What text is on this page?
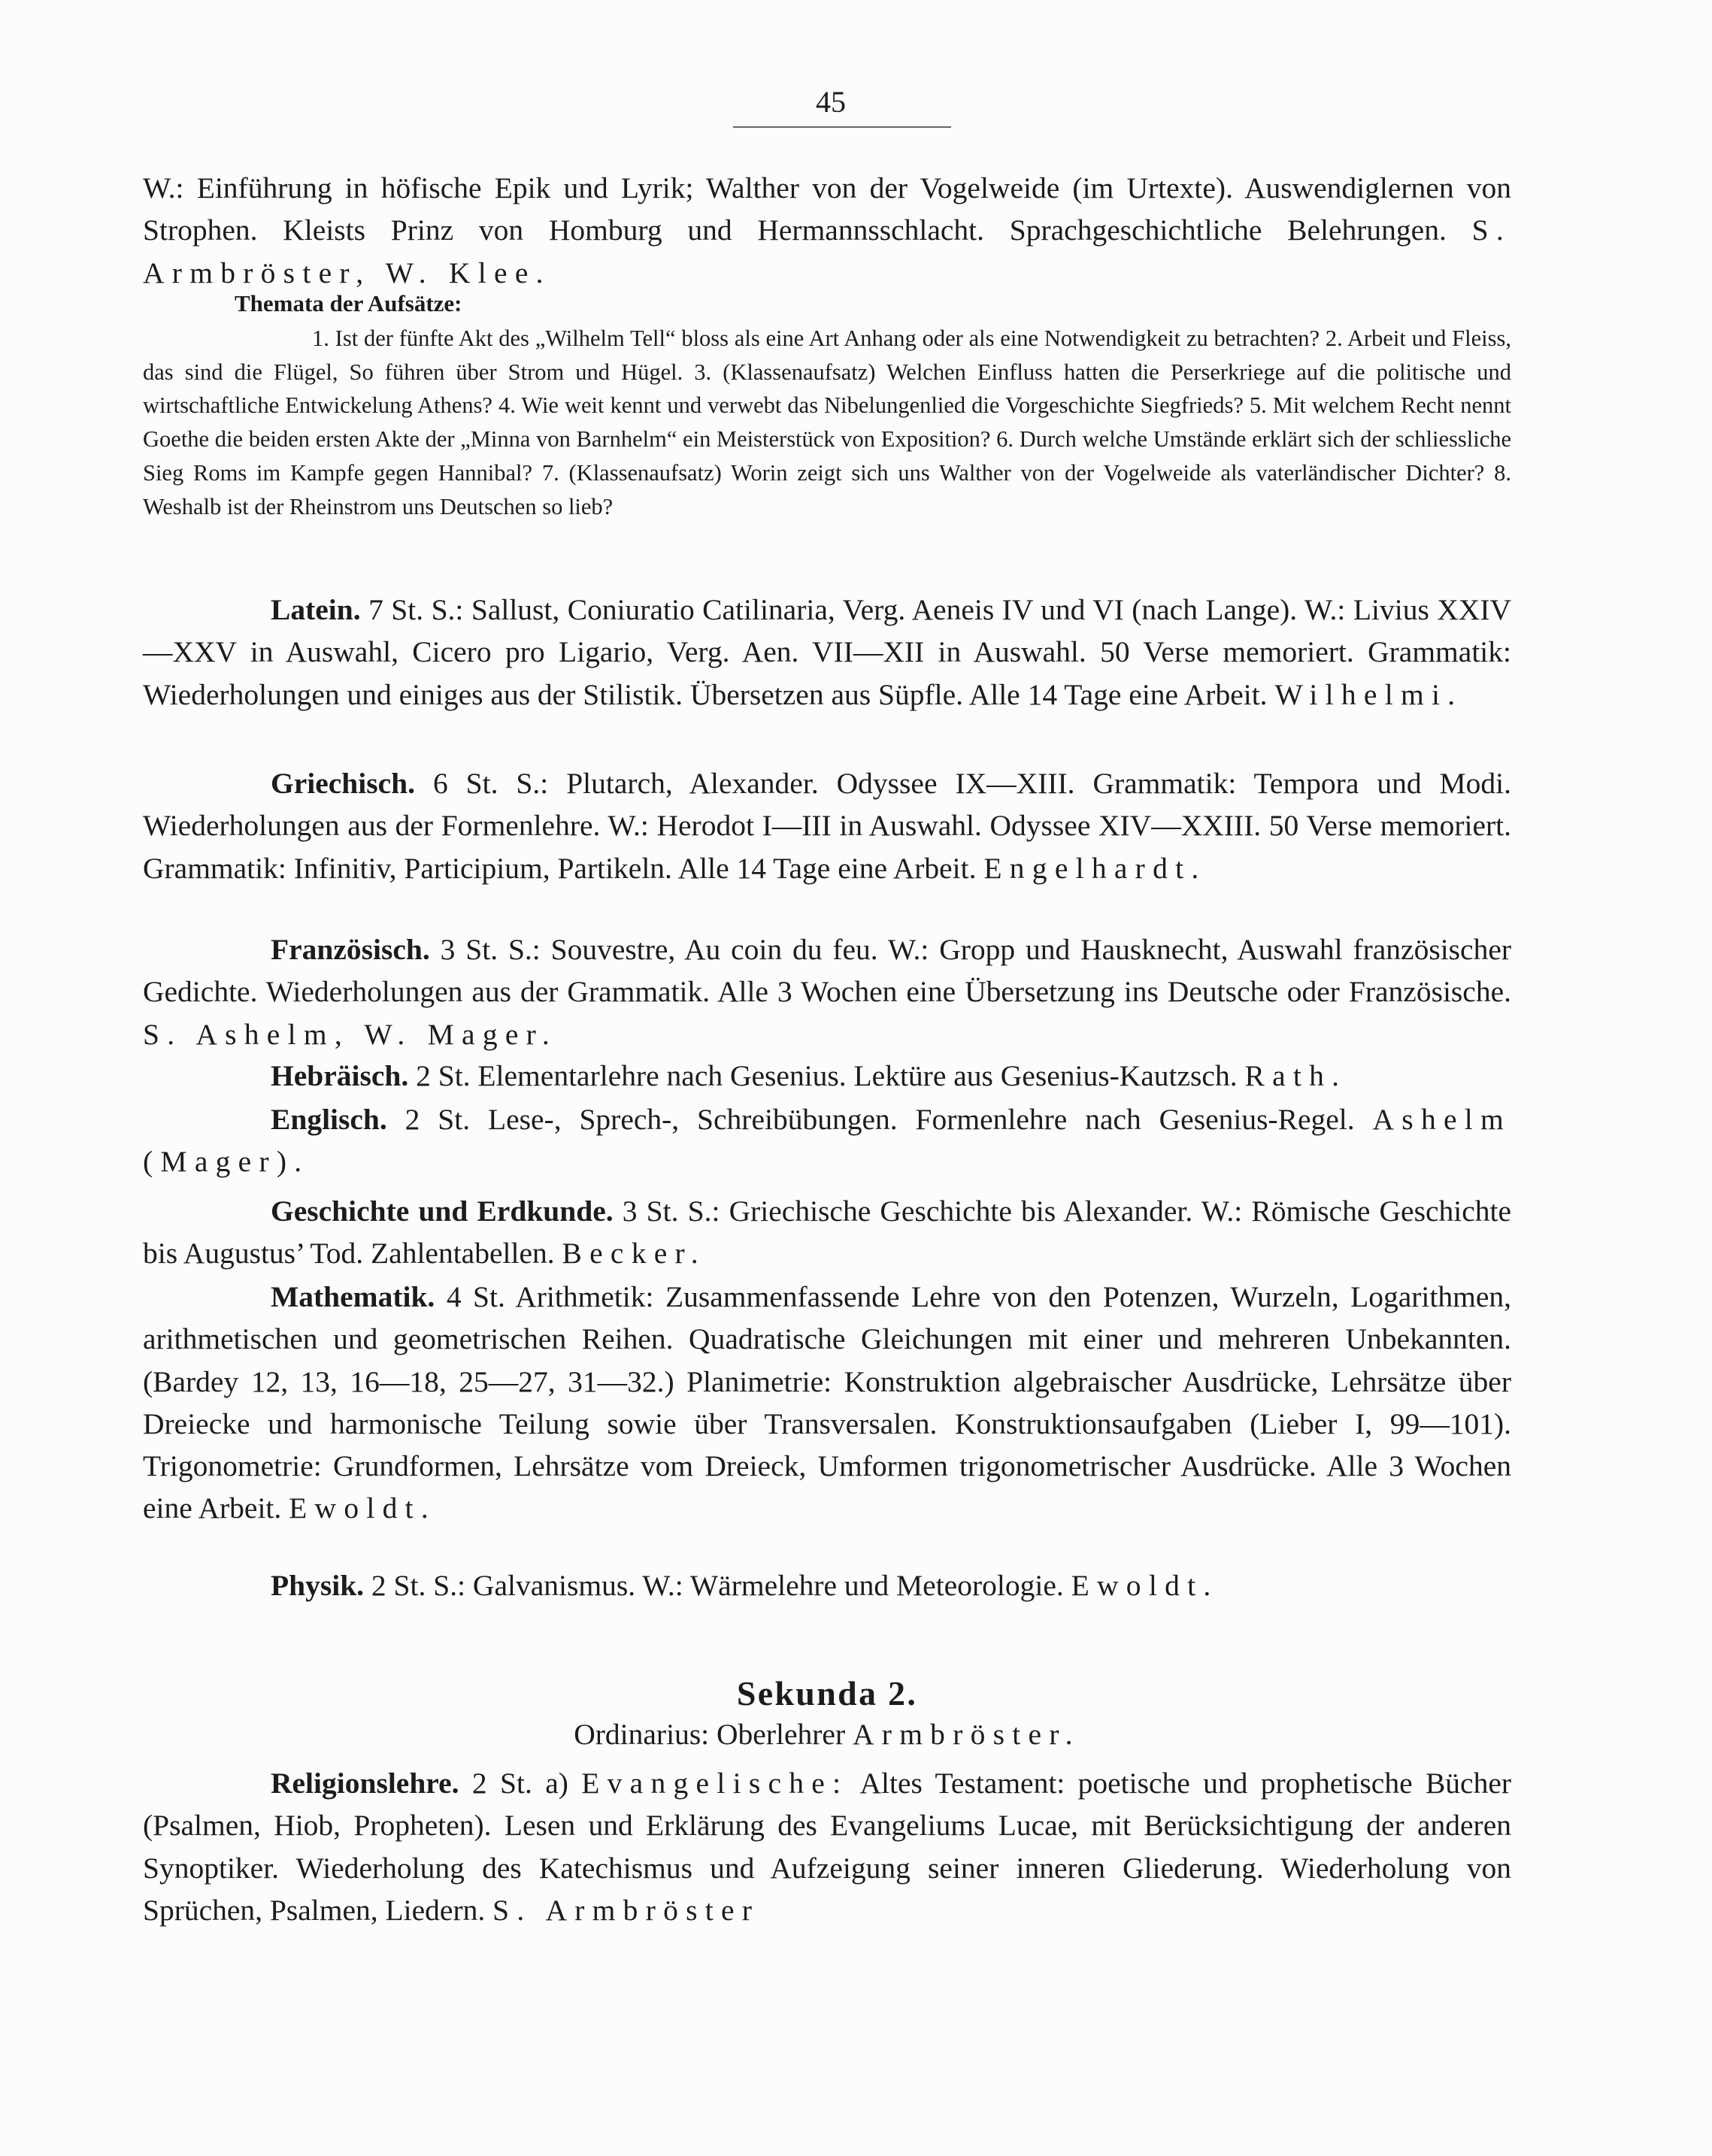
45
W.: Einführung in höfische Epik und Lyrik; Walther von der Vogelweide (im Urtexte). Auswendiglernen von Strophen. Kleists Prinz von Homburg und Hermannsschlacht. Sprachgeschichtliche Belehrungen. S. Armbröster, W. Klee.
Themata der Aufsätze:
1. Ist der fünfte Akt des „Wilhelm Tell“ bloss als eine Art Anhang oder als eine Notwendigkeit zu betrachten? 2. Arbeit und Fleiss, das sind die Flügel, So führen über Strom und Hügel. 3. (Klassenaufsatz) Welchen Einfluss hatten die Perserkriege auf die politische und wirtschaftliche Entwickelung Athens? 4. Wie weit kennt und verwebt das Nibelungenlied die Vorgeschichte Siegfrieds? 5. Mit welchem Recht nennt Goethe die beiden ersten Akte der „Minna von Barnhelm“ ein Meisterstück von Exposition? 6. Durch welche Umstände erklärt sich der schliessliche Sieg Roms im Kampfe gegen Hannibal? 7. (Klassenaufsatz) Worin zeigt sich uns Walther von der Vogelweide als vaterländischer Dichter? 8. Weshalb ist der Rheinstrom uns Deutschen so lieb?
Latein. 7 St. S.: Sallust, Coniuratio Catilinaria, Verg. Aeneis IV und VI (nach Lange). W.: Livius XXIV—XXV in Auswahl, Cicero pro Ligario, Verg. Aen. VII—XII in Auswahl. 50 Verse memoriert. Grammatik: Wiederholungen und einiges aus der Stilistik. Übersetzen aus Süpfle. Alle 14 Tage eine Arbeit. Wilhelmi.
Griechisch. 6 St. S.: Plutarch, Alexander. Odyssee IX—XIII. Grammatik: Tempora und Modi. Wiederholungen aus der Formenlehre. W.: Herodot I—III in Auswahl. Odyssee XIV—XXIII. 50 Verse memoriert. Grammatik: Infinitiv, Participium, Partikeln. Alle 14 Tage eine Arbeit. Engelhardt.
Französisch. 3 St. S.: Souvestre, Au coin du feu. W.: Gropp und Hausknecht, Auswahl französischer Gedichte. Wiederholungen aus der Grammatik. Alle 3 Wochen eine Übersetzung ins Deutsche oder Französische. S. Ashelm, W. Mager.
Hebräisch. 2 St. Elementarlehre nach Gesenius. Lektüre aus Gesenius-Kautzsch. Rath.
Englisch. 2 St. Lese-, Sprech-, Schreibübungen. Formenlehre nach Gesenius-Regel. Ashelm (Mager).
Geschichte und Erdkunde. 3 St. S.: Griechische Geschichte bis Alexander. W.: Römische Geschichte bis Augustus’ Tod. Zahlentabellen. Becker.
Mathematik. 4 St. Arithmetik: Zusammenfassende Lehre von den Potenzen, Wurzeln, Logarithmen, arithmetischen und geometrischen Reihen. Quadratische Gleichungen mit einer und mehreren Unbekannten. (Bardey 12, 13, 16—18, 25—27, 31—32.) Planimetrie: Konstruktion algebraischer Ausdrücke, Lehrsätze über Dreiecke und harmonische Teilung sowie über Transversalen. Konstruktionsaufgaben (Lieber I, 99—101). Trigonometrie: Grundformen, Lehrsätze vom Dreieck, Umformen trigonometrischer Ausdrücke. Alle 3 Wochen eine Arbeit. Ewoldt.
Physik. 2 St. S.: Galvanismus. W.: Wärmelehre und Meteorologie. Ewoldt.
Sekunda 2.
Ordinarius: Oberlehrer Armbröster.
Religionslehre. 2 St. a) Evangelische: Altes Testament: poetische und prophetische Bücher (Psalmen, Hiob, Propheten). Lesen und Erklärung des Evangeliums Lucae, mit Berücksichtigung der anderen Synoptiker. Wiederholung des Katechismus und Aufzeigung seiner inneren Gliederung. Wiederholung von Sprüchen, Psalmen, Liedern. S. Armbröster
